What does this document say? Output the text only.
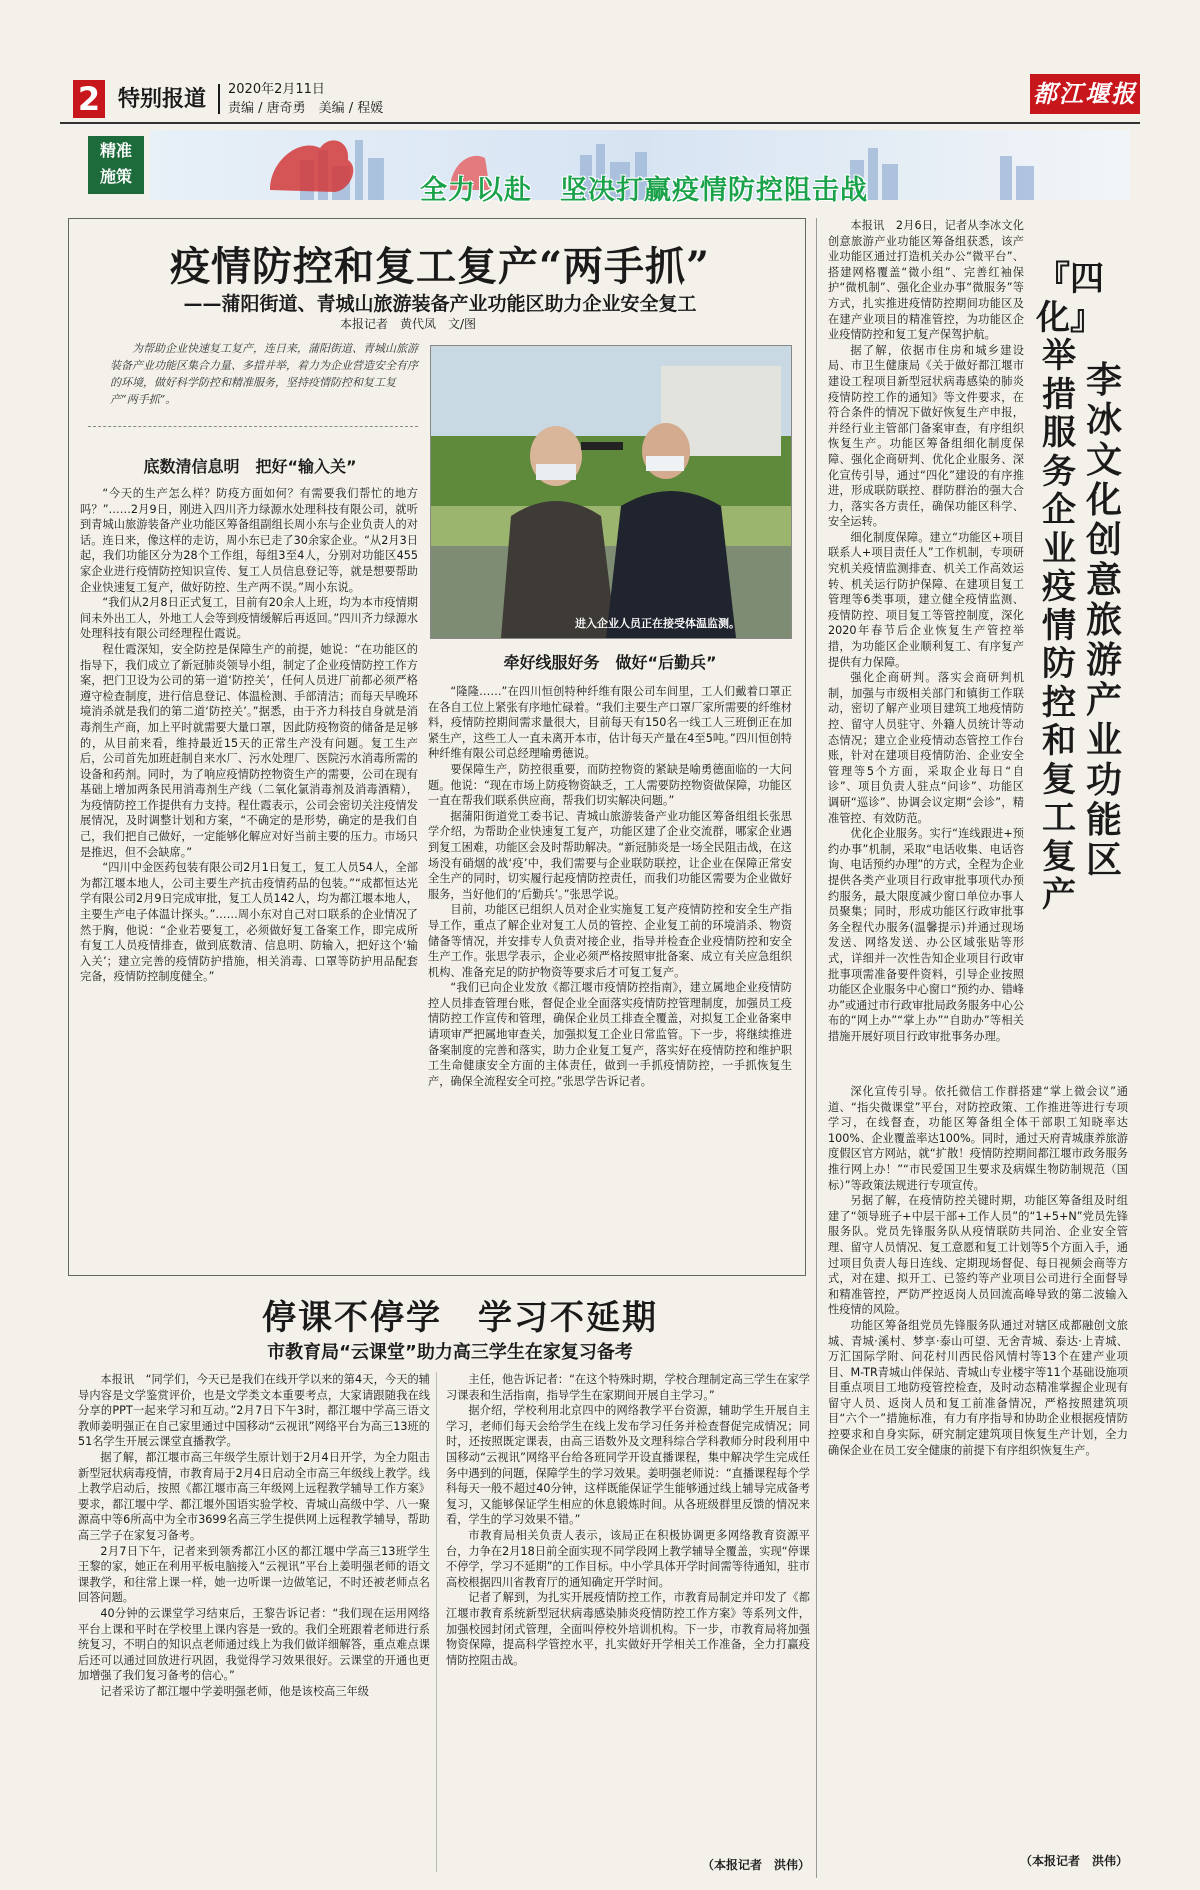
2 特别报道 2020年2月11日
责编 / 唐奇勇　美编 / 程媛
都江堰报
精准施策	全力以赴　坚决打赢疫情防控阻击战
疫情防控和复工复产“两手抓”
——蒲阳街道、青城山旅游装备产业功能区助力企业安全复工
本报记者　黄代凤　文/图

为帮助企业快速复工复产，连日来，蒲阳街道、青城山旅游装备产业功能区集合力量、多措并举，着力为企业营造安全有序的环境，做好科学防控和精准服务，坚持疫情防控和复工复产“两手抓”。

底数清信息明　把好“输入关”

“今天的生产怎么样？防疫方面如何？有需要我们帮忙的地方吗？”……2月9日，刚进入四川齐力绿源水处理科技有限公司，就听到青城山旅游装备产业功能区筹备组副组长周小东与企业负责人的对话。连日来，像这样的走访，周小东已走了30余家企业。“从2月3日起，我们功能区分为28个工作组，每组3至4人，分别对功能区455家企业进行疫情防控知识宣传、复工人员信息登记等，就是想要帮助企业快速复工复产，做好防控、生产两不误。”周小东说。

“我们从2月8日正式复工，目前有20余人上班，均为本市疫情期间未外出工人，外地工人会等到疫情缓解后再返回。”四川齐力绿源水处理科技有限公司经理程仕霞说。

程仕霞深知，安全防控是保障生产的前提，她说：“在功能区的指导下，我们成立了新冠肺炎领导小组，制定了企业疫情防控工作方案，把门卫设为公司的第一道‘防控关’，任何人员进厂前都必须严格遵守检查制度，进行信息登记、体温检测、手部清洁；而每天早晚环境消杀就是我们的第二道‘防控关’。”据悉，由于齐力科技自身就是消毒剂生产商，加上平时就需要大量口罩，因此防疫物资的储备是足够的，从目前来看，维持最近15天的正常生产没有问题。复工生产后，公司首先加班赶制自来水厂、污水处理厂、医院污水消毒所需的设备和药剂。同时，为了响应疫情防控物资生产的需要，公司在现有基础上增加两条民用消毒剂生产线（二氧化氯消毒剂及消毒酒精），为疫情防控工作提供有力支持。程仕霞表示，公司会密切关注疫情发展情况，及时调整计划和方案，“不确定的是形势，确定的是我们自己，我们把自己做好，一定能够化解应对好当前主要的压力。市场只是推迟，但不会缺席。”

“四川中金医药包装有限公司2月1日复工，复工人员54人，全部为都江堰本地人，公司主要生产抗击疫情药品的包装。”“成都恒达光学有限公司2月9日完成审批，复工人员142人，均为都江堰本地人，主要生产电子体温计探头。”……周小东对自己对口联系的企业情况了然于胸，他说：“企业若要复工，必须做好复工备案工作，即完成所有复工人员疫情排查，做到底数清、信息明、防输入，把好这个‘输入关’；建立完善的疫情防护措施，相关消毒、口罩等防护用品配套完备，疫情防控制度健全。”

进入企业人员正在接受体温监测。
牵好线服好务　做好“后勤兵”

“隆隆……”在四川恒创特种纤维有限公司车间里，工人们戴着口罩正在各自工位上紧张有序地忙碌着。“我们主要生产口罩厂家所需要的纤维材料，疫情防控期间需求量很大，目前每天有150名一线工人三班倒正在加紧生产，这些工人一直未离开本市，估计每天产量在4至5吨。”四川恒创特种纤维有限公司总经理喻勇德说。

要保障生产，防控很重要，而防控物资的紧缺是喻勇德面临的一大问题。他说：“现在市场上防疫物资缺乏，工人需要防控物资做保障，功能区一直在帮我们联系供应商，帮我们切实解决问题。”

据蒲阳街道党工委书记、青城山旅游装备产业功能区筹备组组长张思学介绍，为帮助企业快速复工复产，功能区建了企业交流群，哪家企业遇到复工困难，功能区会及时帮助解决。“新冠肺炎是一场全民阻击战，在这场没有硝烟的战‘疫’中，我们需要与企业联防联控，让企业在保障正常安全生产的同时，切实履行起疫情防控责任，而我们功能区需要为企业做好服务，当好他们的‘后勤兵’。”张思学说。

目前，功能区已组织人员对企业实施复工复产疫情防控和安全生产指导工作，重点了解企业对复工人员的管控、企业复工前的环境消杀、物资储备等情况，并安排专人负责对接企业，指导并检查企业疫情防控和安全生产工作。张思学表示，企业必须严格按照审批备案、成立有关应急组织机构、准备充足的防护物资等要求后才可复工复产。

“我们已向企业发放《都江堰市疫情防控指南》，建立属地企业疫情防控人员排查管理台账，督促企业全面落实疫情防控管理制度，加强员工疫情防控工作宣传和管理，确保企业员工排查全覆盖，对拟复工企业备案申请项审严把属地审查关，加强拟复工企业日常监管。下一步，将继续推进备案制度的完善和落实，助力企业复工复产，落实好在疫情防控和维护职工生命健康安全方面的主体责任，做到一手抓疫情防控，一手抓恢复生产，确保全流程安全可控。”张思学告诉记者。

李冰文化创意旅游产业功能区
『四化』举措服务企业疫情防控和复工复产

本报讯　2月6日，记者从李冰文化创意旅游产业功能区筹备组获悉，该产业功能区通过打造机关办公“微平台”、搭建网格覆盖“微小组”、完善红袖保护“微机制”、强化企业办事“微服务”等方式，扎实推进疫情防控期间功能区及在建产业项目的精准管控，为功能区企业疫情防控和复工复产保驾护航。

据了解，依据市住房和城乡建设局、市卫生健康局《关于做好都江堰市建设工程项目新型冠状病毒感染的肺炎疫情防控工作的通知》等文件要求，在符合条件的情况下做好恢复生产申报，并经行业主管部门备案审查，有序组织恢复生产。功能区筹备组细化制度保障、强化企商研判、优化企业服务、深化宣传引导，通过“四化”建设的有序推进，形成联防联控、群防群治的强大合力，落实各方责任，确保功能区科学、安全运转。

细化制度保障。建立“功能区+项目联系人+项目责任人”工作机制，专项研究机关疫情监测排查、机关工作高效运转、机关运行防护保障、在建项目复工管理等6类事项，建立健全疫情监测、疫情防控、项目复工等管控制度，深化2020年春节后企业恢复生产管控举措，为功能区企业顺利复工、有序复产提供有力保障。

强化企商研判。落实会商研判机制，加强与市级相关部门和镇街工作联动，密切了解产业项目建筑工地疫情防控、留守人员驻守、外籍人员统计等动态情况；建立企业疫情动态管控工作台账，针对在建项目疫情防治、企业安全管理等5个方面，采取企业每日“自诊”、项目负责人驻点“问诊”、功能区调研“巡诊”、协调会议定期“会诊”，精准管控、有效防范。

优化企业服务。实行“连线跟进+预约办事”机制，采取“电话收集、电话咨询、电话预约办理”的方式，全程为企业提供各类产业项目行政审批事项代办预约服务，最大限度减少窗口单位办事人员聚集；同时，形成功能区行政审批事务全程代办服务(温馨提示)并通过现场发送、网络发送、办公区域张贴等形式，详细并一次性告知企业项目行政审批事项需准备要件资料，引导企业按照功能区企业服务中心窗口“预约办、错峰办”或通过市行政审批局政务服务中心公布的“网上办”“掌上办”“自助办”等相关措施开展好项目行政审批事务办理。

深化宣传引导。依托微信工作群搭建“掌上微会议”通道、“指尖微课堂”平台，对防控政策、工作推进等进行专项学习，在线督查，功能区筹备组全体干部职工知晓率达100%、企业覆盖率达100%。同时，通过天府青城康养旅游度假区官方网站，就“扩散！疫情防控期间都江堰市政务服务推行网上办！”“市民爱国卫生要求及病媒生物防制规范（国标）”等政策法规进行专项宣传。

另据了解，在疫情防控关键时期，功能区筹备组及时组建了“领导班子+中层干部+工作人员”的“1+5+N”党员先锋服务队。党员先锋服务队从疫情联防共同治、企业安全管理、留守人员情况、复工意愿和复工计划等5个方面入手，通过项目负责人每日连线、定期现场督促、每日视频会商等方式，对在建、拟开工、已签约等产业项目公司进行全面督导和精准管控，严防严控返岗人员回流高峰导致的第二波输入性疫情的风险。

功能区筹备组党员先锋服务队通过对辖区成都融创文旅城、青城·溪村、梦享·泰山可望、无舍青城、泰达·上青城、万汇国际学附、问花村川西民俗风情村等13个在建产业项目、M-TR青城山伴保站、青城山专业楼宇等11个基础设施项目重点项目工地防疫管控检查，及时动态精准掌握企业现有留守人员、返岗人员和复工前准备情况，严格按照建筑项目“六个一”措施标准，有力有序指导和协助企业根据疫情防控要求和自身实际，研究制定建筑项目恢复生产计划，全力确保企业在员工安全健康的前提下有序组织恢复生产。

（本报记者　洪伟）
停课不停学　学习不延期
市教育局“云课堂”助力高三学生在家复习备考

本报讯　“同学们，今天已是我们在线开学以来的第4天，今天的辅导内容是文学鉴赏评价，也是文学类文本重要考点，大家请跟随我在线分享的PPT一起来学习和互动。”2月7日下午3时，都江堰中学高三语文教师姜明强正在自己家里通过中国移动“云视讯”网络平台为高三13班的51名学生开展云课堂直播教学。

据了解，都江堰市高三年级学生原计划于2月4日开学，为全力阻击新型冠状病毒疫情，市教育局于2月4日启动全市高三年级线上教学。线上教学启动后，按照《都江堰市高三年级网上远程教学辅导工作方案》要求，都江堰中学、都江堰外国语实验学校、青城山高级中学、八一聚源高中等6所高中为全市3699名高三学生提供网上远程教学辅导，帮助高三学子在家复习备考。

2月7日下午，记者来到领秀都江小区的都江堰中学高三13班学生王黎的家，她正在利用平板电脑接入“云视讯”平台上姜明强老师的语文课教学，和往常上课一样，她一边听课一边做笔记，不时还被老师点名回答问题。

40分钟的云课堂学习结束后，王黎告诉记者：“我们现在运用网络平台上课和平时在学校里上课内容是一致的。我们全班跟着老师进行系统复习，不明白的知识点老师通过线上为我们做详细解答，重点难点课后还可以通过回放进行巩固，我觉得学习效果很好。云课堂的开通也更加增强了我们复习备考的信心。”

记者采访了都江堰中学姜明强老师，他是该校高三年级

主任，他告诉记者：“在这个特殊时期，学校合理制定高三学生在家学习课表和生活指南，指导学生在家期间开展自主学习。”

据介绍，学校利用北京四中的网络教学平台资源，辅助学生开展自主学习，老师们每天会给学生在线上发布学习任务并检查督促完成情况；同时，还按照既定课表，由高三语数外及文理科综合学科教师分时段利用中国移动“云视讯”网络平台给各班同学开设直播课程，集中解决学生完成任务中遇到的问题，保障学生的学习效果。姜明强老师说：“直播课程每个学科每天一般不超过40分钟，这样既能保证学生能够通过线上辅导完成备考复习，又能够保证学生相应的休息锻炼时间。从各班级群里反馈的情况来看，学生的学习效果不错。”

市教育局相关负责人表示，该局正在积极协调更多网络教育资源平台，力争在2月18日前全面实现不同学段网上教学辅导全覆盖，实现“停课不停学，学习不延期”的工作目标。中小学具体开学时间需等待通知，驻市高校根据四川省教育厅的通知确定开学时间。

记者了解到，为扎实开展疫情防控工作，市教育局制定并印发了《都江堰市教育系统新型冠状病毒感染肺炎疫情防控工作方案》等系列文件，加强校园封闭式管理，全面叫停校外培训机构。下一步，市教育局将加强物资保障，提高科学管控水平，扎实做好开学相关工作准备，全力打赢疫情防控阻击战。

（本报记者　洪伟）
